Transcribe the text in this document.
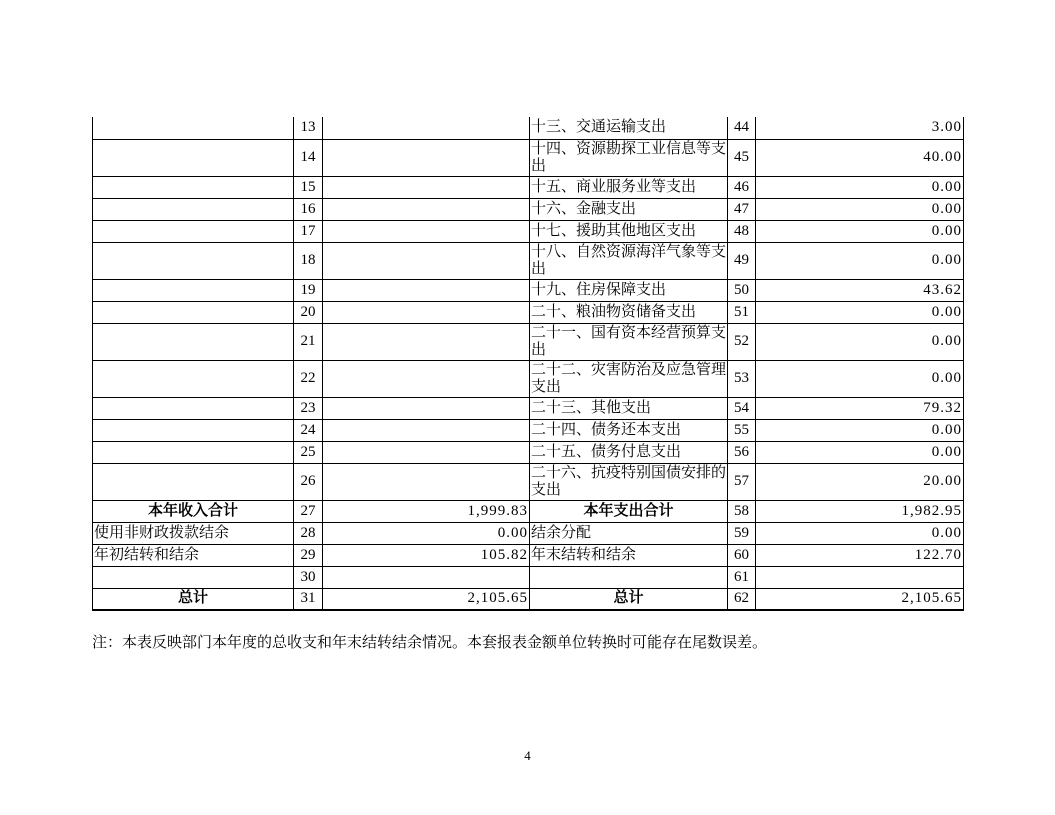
	13		十三、交通运输支出	44	3.00
	14		十四、资源勘探工业信息等支出	45	40.00
	15		十五、商业服务业等支出	46	0.00
	16		十六、金融支出	47	0.00
	17		十七、援助其他地区支出	48	0.00
	18		十八、自然资源海洋气象等支出	49	0.00
	19		十九、住房保障支出	50	43.62
	20		二十、粮油物资储备支出	51	0.00
	21		二十一、国有资本经营预算支出	52	0.00
	22		二十二、灾害防治及应急管理支出	53	0.00
	23		二十三、其他支出	54	79.32
	24		二十四、债务还本支出	55	0.00
	25		二十五、债务付息支出	56	0.00
	26		二十六、抗疫特别国债安排的支出	57	20.00
本年收入合计	27	1,999.83	本年支出合计	58	1,982.95
使用非财政拨款结余	28	0.00	结余分配	59	0.00
年初结转和结余	29	105.82	年末结转和结余	60	122.70
	30			61	
总计	31	2,105.65	总计	62	2,105.65
注：本表反映部门本年度的总收支和年末结转结余情况。本套报表金额单位转换时可能存在尾数误差。
4
